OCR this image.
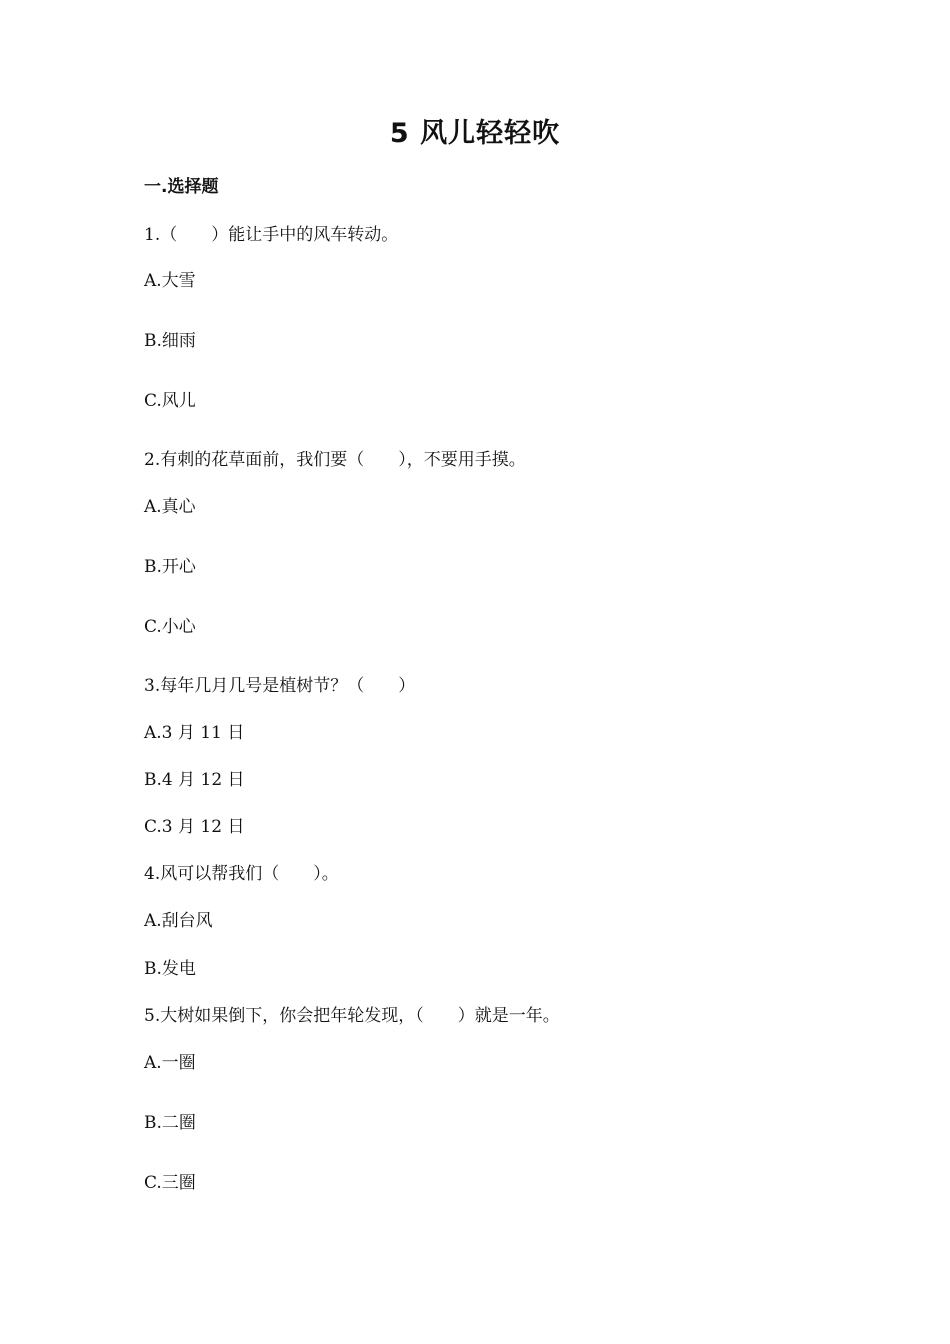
5 风儿轻轻吹
一.选择题
1.（　　）能让手中的风车转动。
A.大雪
B.细雨
C.风儿
2.有刺的花草面前，我们要（　　），不要用手摸。
A.真心
B.开心
C.小心
3.每年几月几号是植树节？（　　）
A.3 月 11 日
B.4 月 12 日
C.3 月 12 日
4.风可以帮我们（　　）。
A.刮台风
B.发电
5.大树如果倒下，你会把年轮发现，（　　）就是一年。
A.一圈
B.二圈
C.三圈
